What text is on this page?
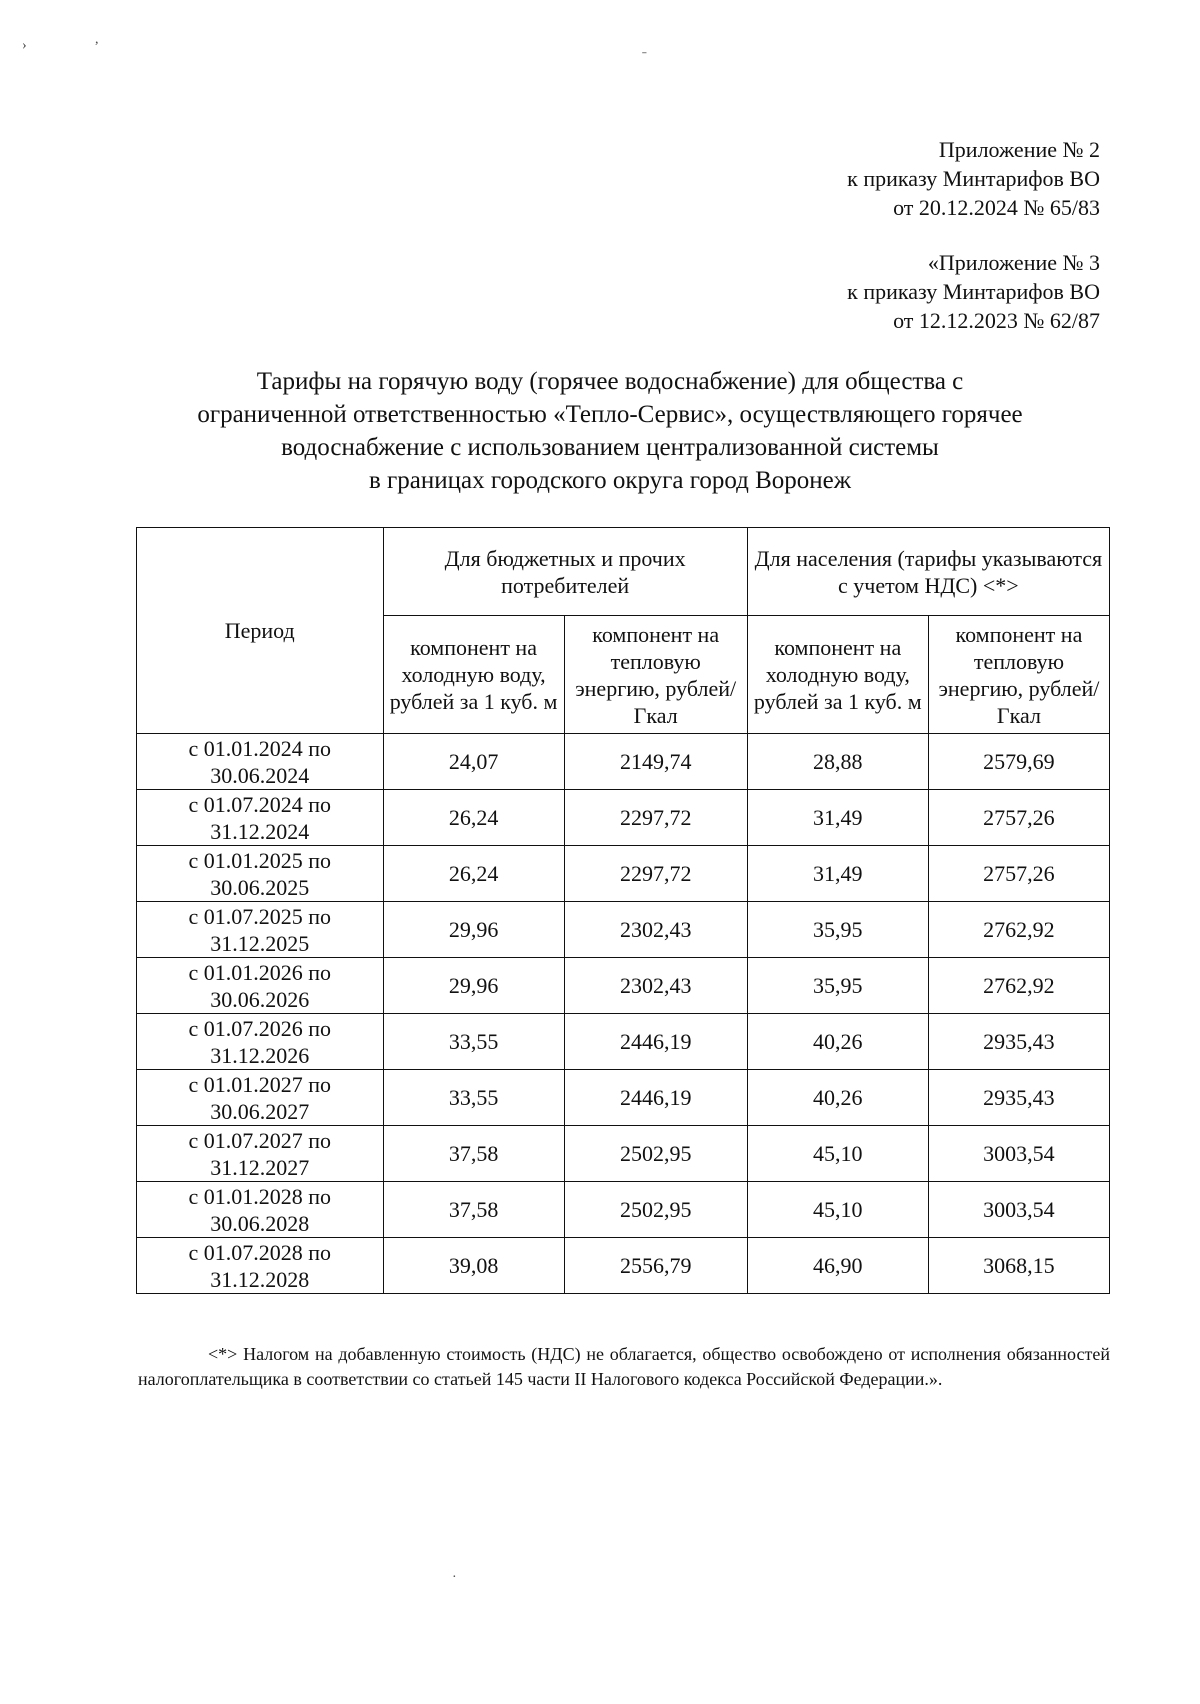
›	,
ˉ
·
Приложение № 2
к приказу Минтарифов ВО
от 20.12.2024 № 65/83
«Приложение № 3
к приказу Минтарифов ВО
от 12.12.2023 № 62/87
Тарифы на горячую воду (горячее водоснабжение) для общества с
ограниченной ответственностью «Тепло-Сервис», осуществляющего горячее
водоснабжение с использованием централизованной системы
в границах городского округа город Воронеж
Период	Для бюджетных и прочих потребителей		Для населения (тарифы указываются с учетом НДС) <*>	
	компонент на холодную воду, рублей за 1 куб. м	компонент на тепловую энергию, рублей/Гкал	компонент на холодную воду, рублей за 1 куб. м	компонент на тепловую энергию, рублей/Гкал
с 01.01.2024 по 30.06.2024	24,07	2149,74	28,88	2579,69
с 01.07.2024 по 31.12.2024	26,24	2297,72	31,49	2757,26
с 01.01.2025 по 30.06.2025	26,24	2297,72	31,49	2757,26
с 01.07.2025 по 31.12.2025	29,96	2302,43	35,95	2762,92
с 01.01.2026 по 30.06.2026	29,96	2302,43	35,95	2762,92
с 01.07.2026 по 31.12.2026	33,55	2446,19	40,26	2935,43
с 01.01.2027 по 30.06.2027	33,55	2446,19	40,26	2935,43
с 01.07.2027 по 31.12.2027	37,58	2502,95	45,10	3003,54
с 01.01.2028 по 30.06.2028	37,58	2502,95	45,10	3003,54
с 01.07.2028 по 31.12.2028	39,08	2556,79	46,90	3068,15
<*> Налогом на добавленную стоимость (НДС) не облагается, общество освобождено от исполнения обязанностей налогоплательщика в соответствии со статьей 145 части II Налогового кодекса Российской Федерации.».
